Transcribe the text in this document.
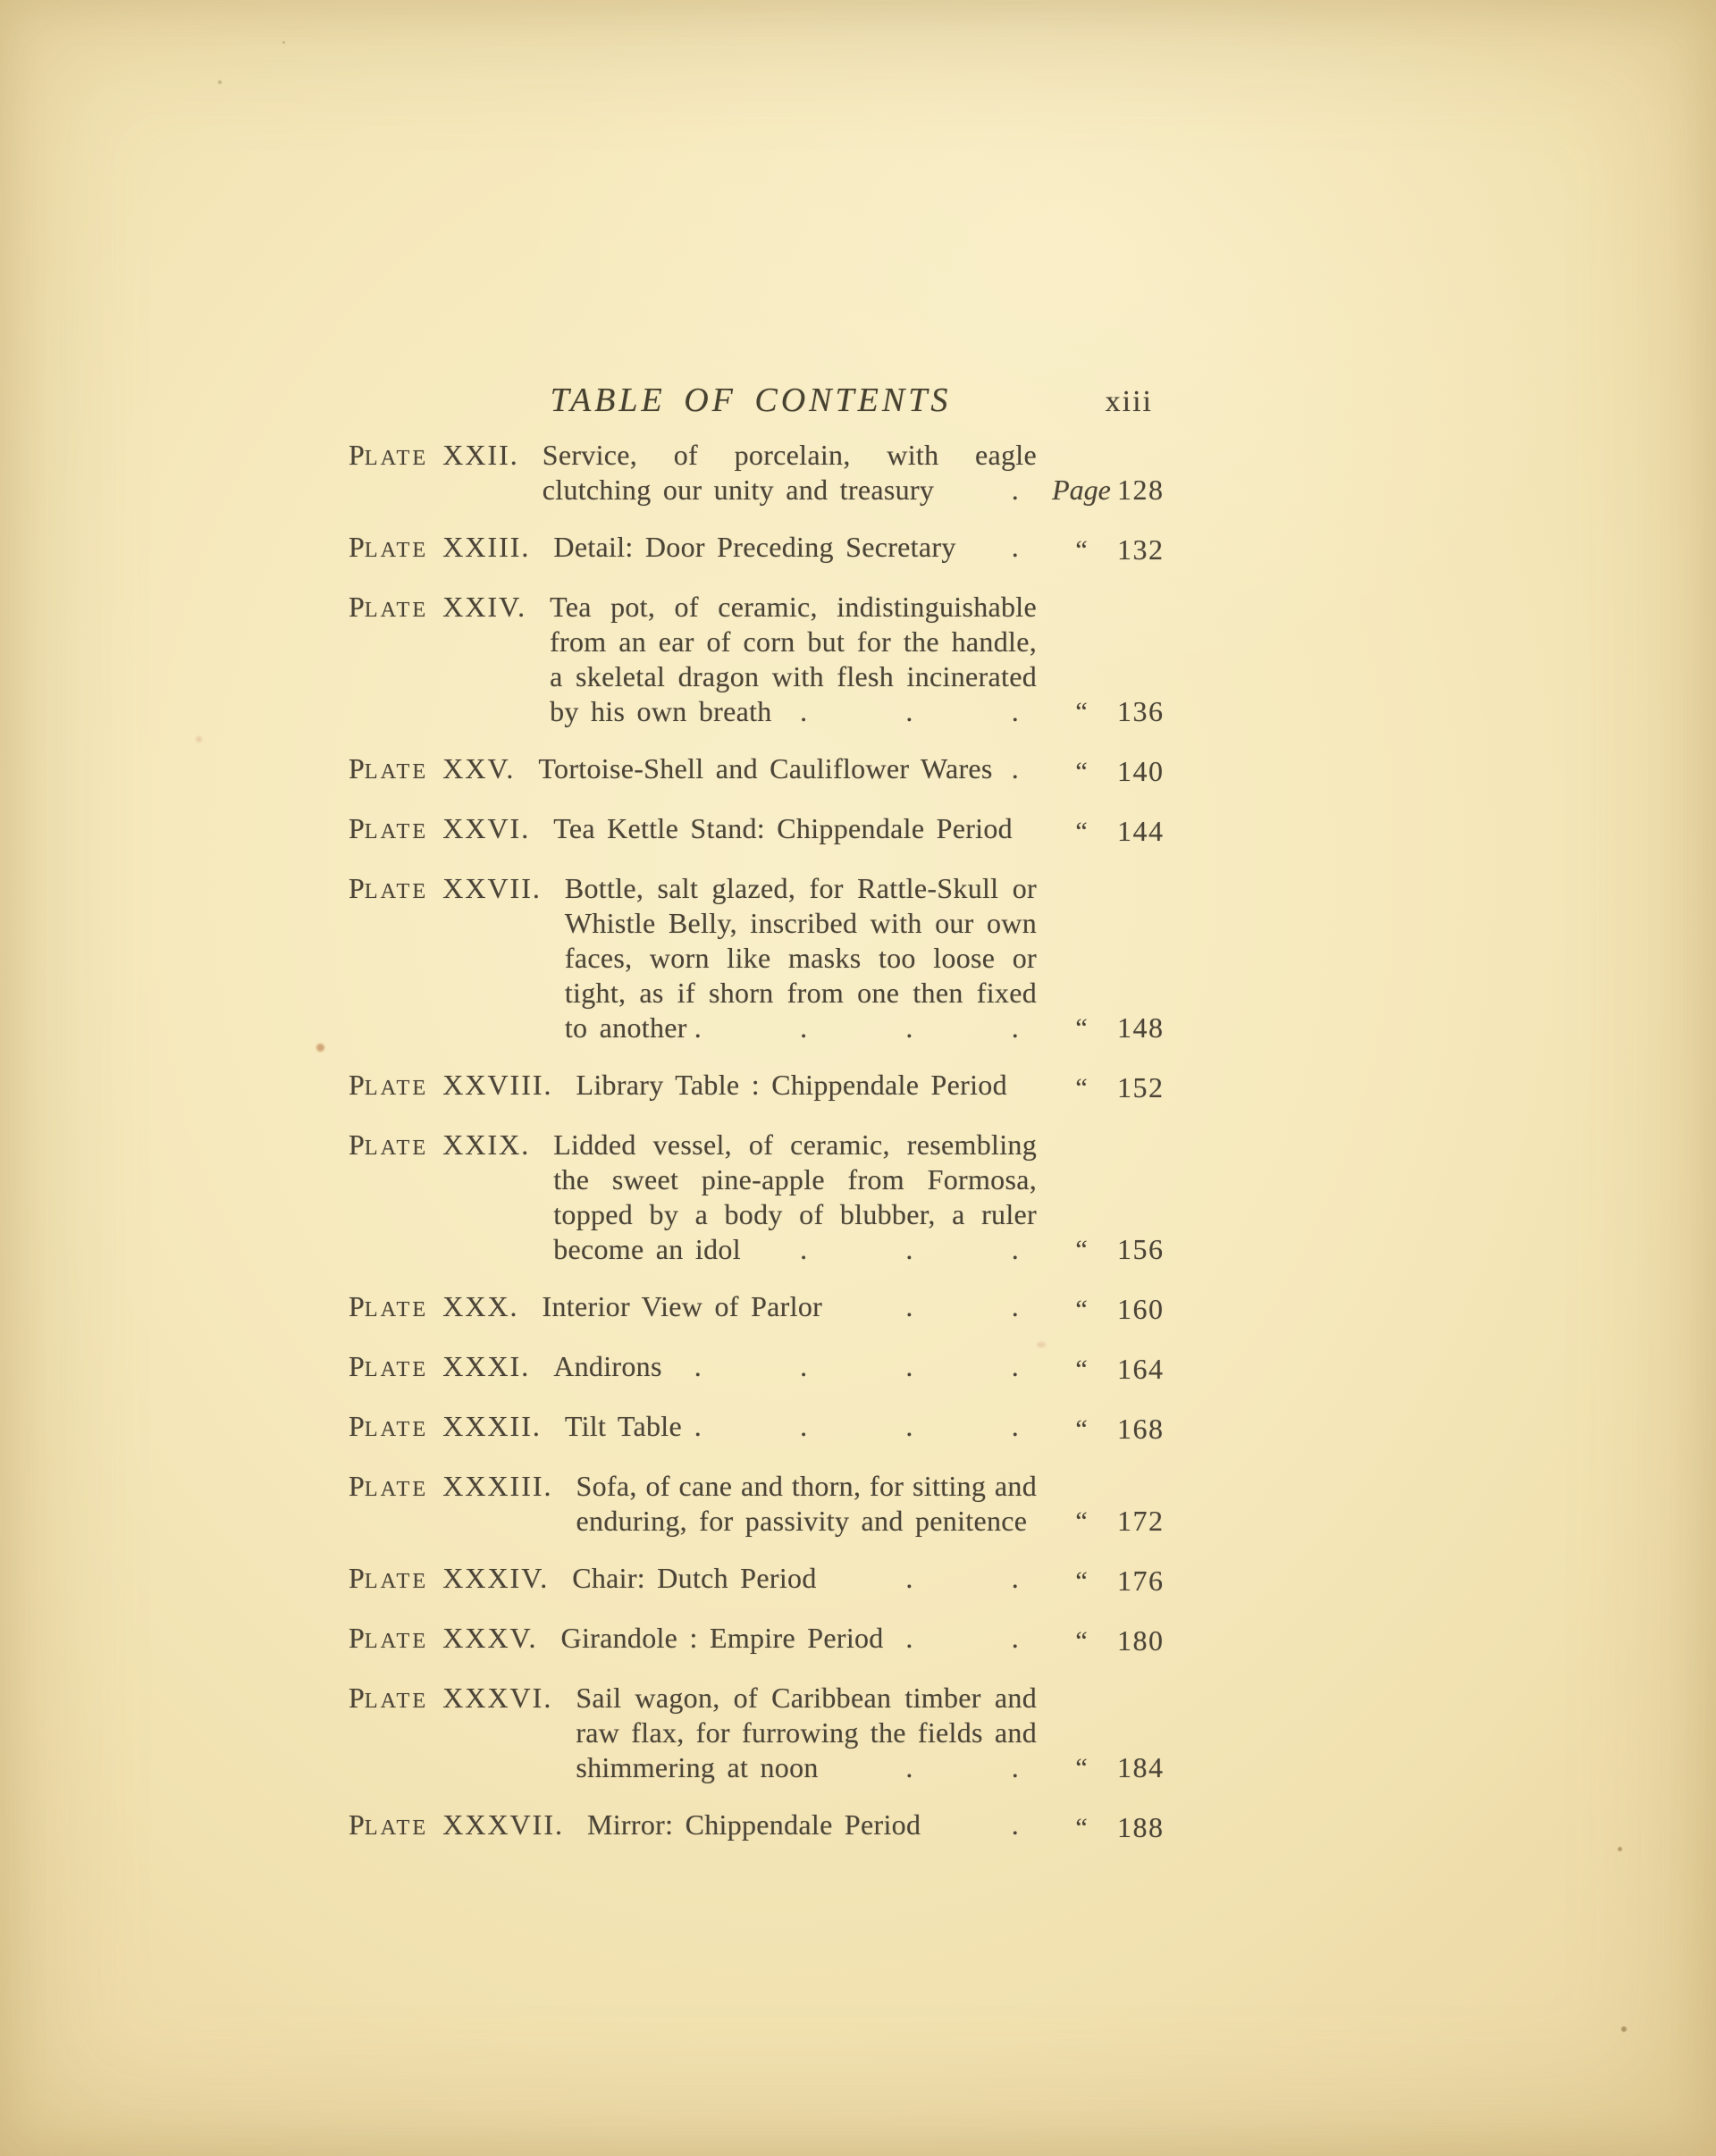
TABLE OF CONTENTS	xiii
PLATE XXII. Service, of porcelain, with eagle
clutching our unity and treasury	. Page 128
PLATE XXIII. Detail: Door Preceding Secretary .	“	132
PLATE XXIV. Tea pot, of ceramic, indistinguishable
from an ear of corn but for the handle,
a skeletal dragon with flesh incinerated
by his own breath .	.	.	“	136
PLATE XXV. Tortoise-Shell and Cauliflower Wares .	“	140
PLATE XXVI. Tea Kettle Stand: Chippendale Period	“	144
PLATE XXVII. Bottle, salt glazed, for Rattle-Skull or
Whistle Belly, inscribed with our own
faces, worn like masks too loose or
tight, as if shorn from one then fixed
to another .	.	.	.	“	148
PLATE XXVIII. Library Table : Chippendale Period	“	152
PLATE XXIX. Lidded vessel, of ceramic, resembling
the sweet pine-apple from Formosa,
topped by a body of blubber, a ruler
become an idol .	.	.	“	156
PLATE XXX. Interior View of Parlor	.	.	“	160
PLATE XXXI. Andirons .	.	.	.	“	164
PLATE XXXII. Tilt Table .	.	.	.	“	168
PLATE XXXIII. Sofa, of cane and thorn, for sitting and
enduring, for passivity and penitence	“	172
PLATE XXXIV. Chair: Dutch Period	.	.	“	176
PLATE XXXV. Girandole : Empire Period .	.	“	180
PLATE XXXVI. Sail wagon, of Caribbean timber and
raw flax, for furrowing the fields and
shimmering at noon	.	.	“	184
PLATE XXXVII. Mirror: Chippendale Period	.	“	188
